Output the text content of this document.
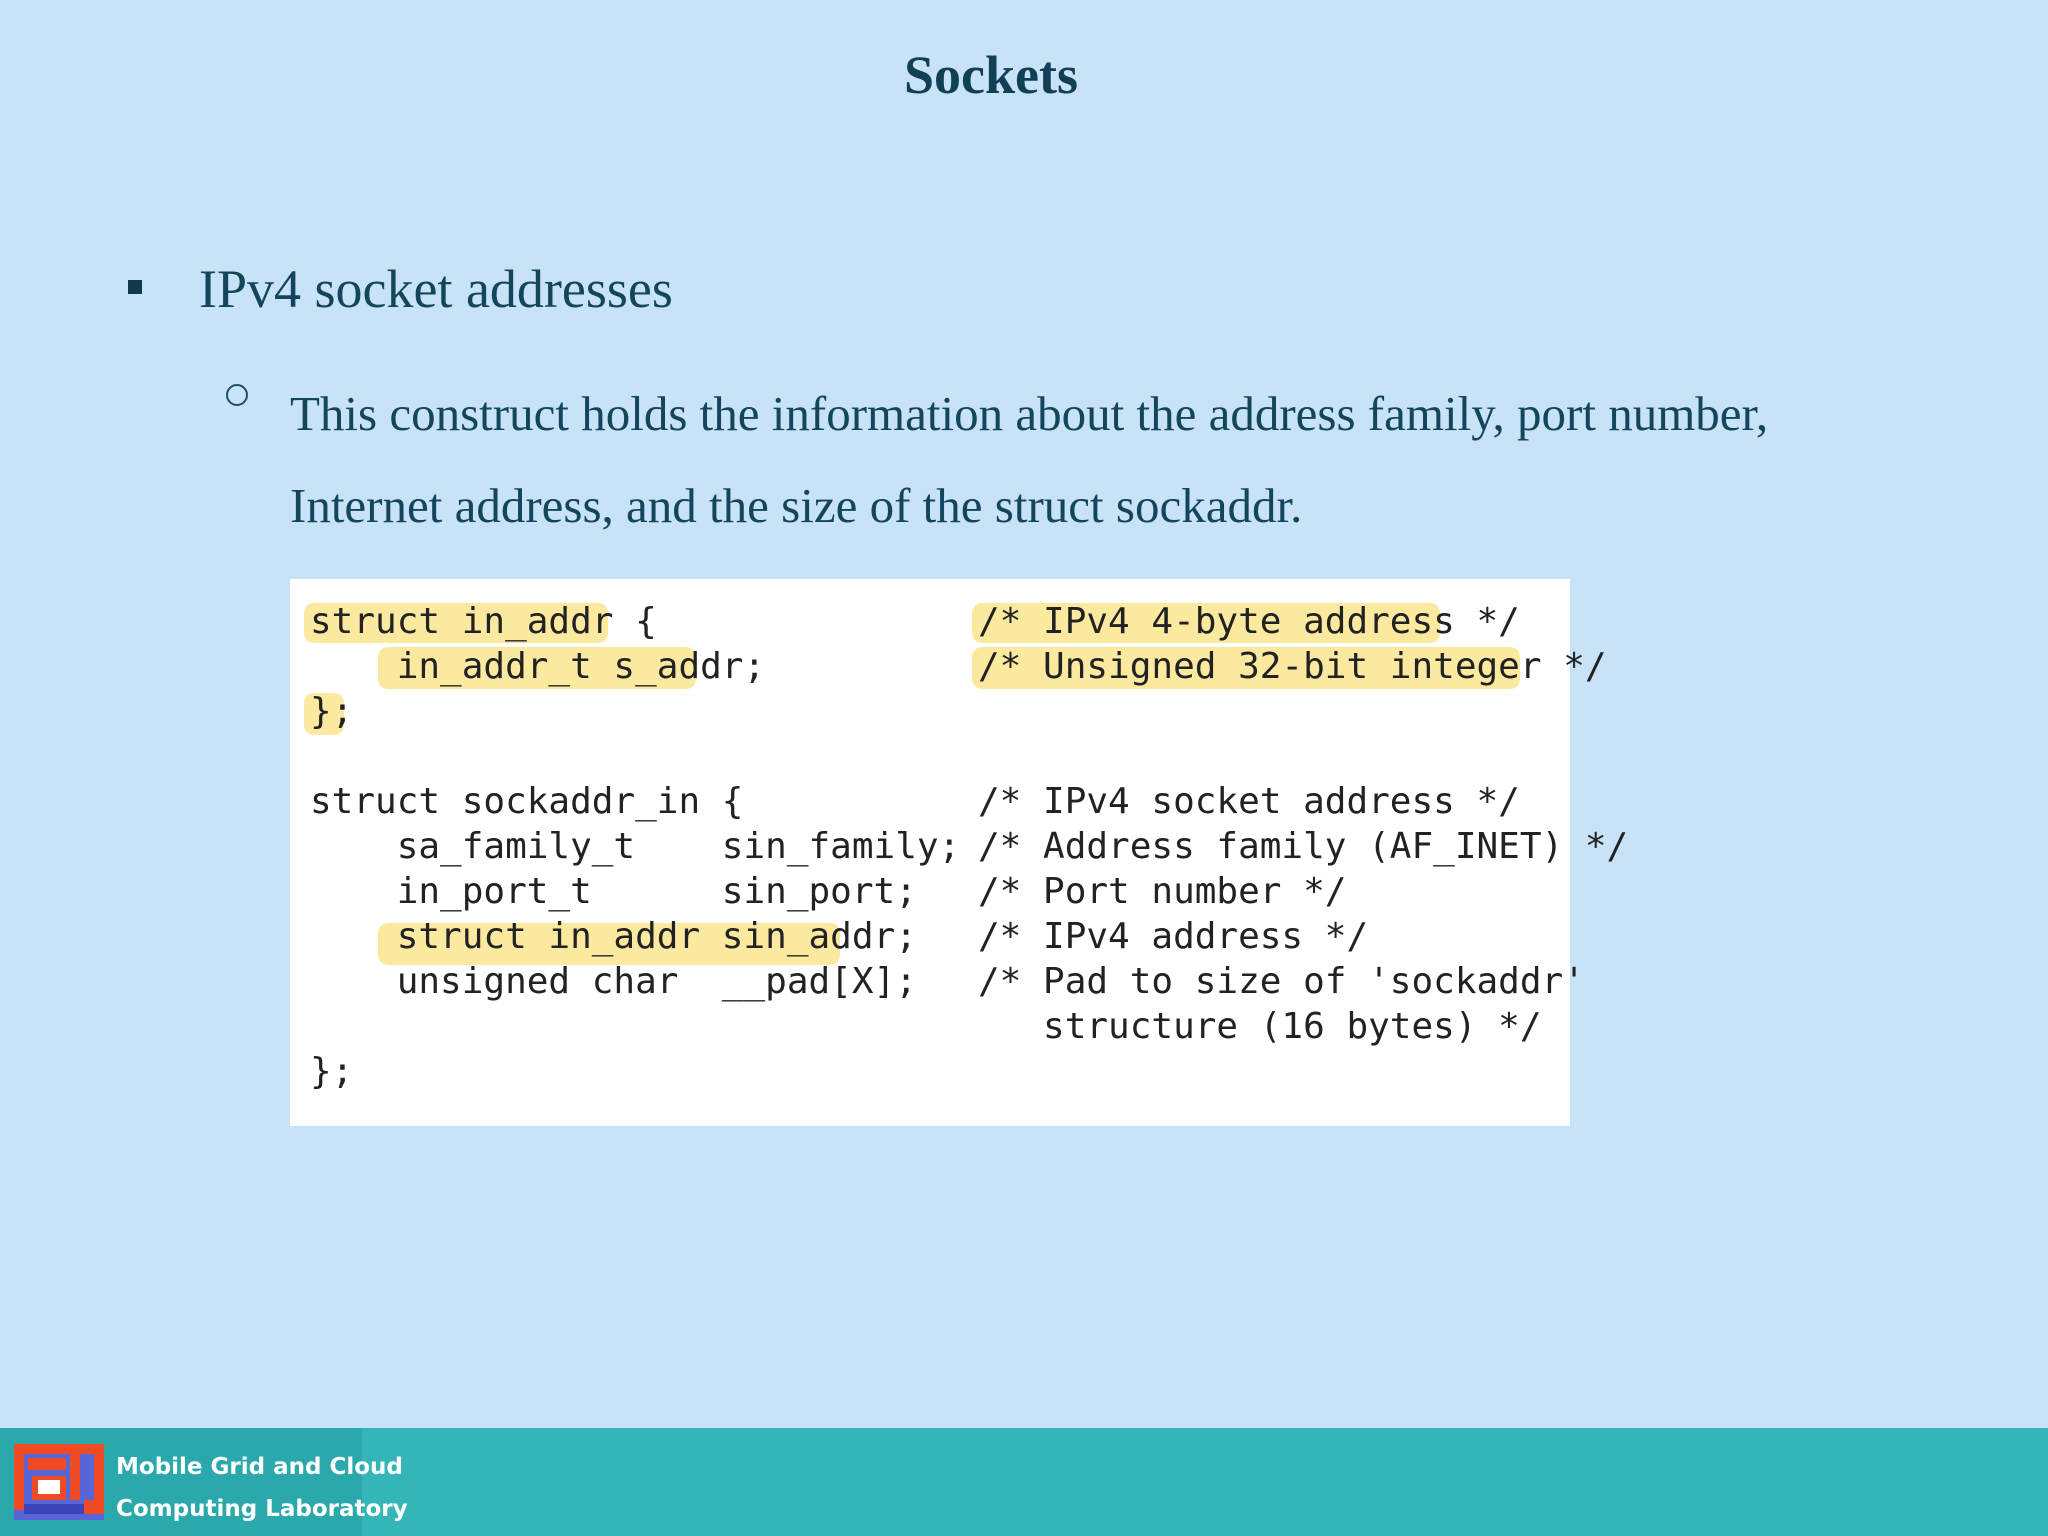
Sockets
IPv4 socket addresses
This construct holds the information about the address family, port number, Internet address, and the size of the struct sockaddr.
struct in_addr {
in_addr_t s_addr;
};

struct sockaddr_in {
sa_family_t    sin_family;
in_port_t      sin_port;
struct in_addr sin_addr;
unsigned char  __pad[X];

};
/* IPv4 4-byte address */
/* Unsigned 32-bit integer */

/* IPv4 socket address */
/* Address family (AF_INET) */
/* Port number */
/* IPv4 address */
/* Pad to size of 'sockaddr'
structure (16 bytes) */

Mobile Grid and Cloud
Computing Laboratory
